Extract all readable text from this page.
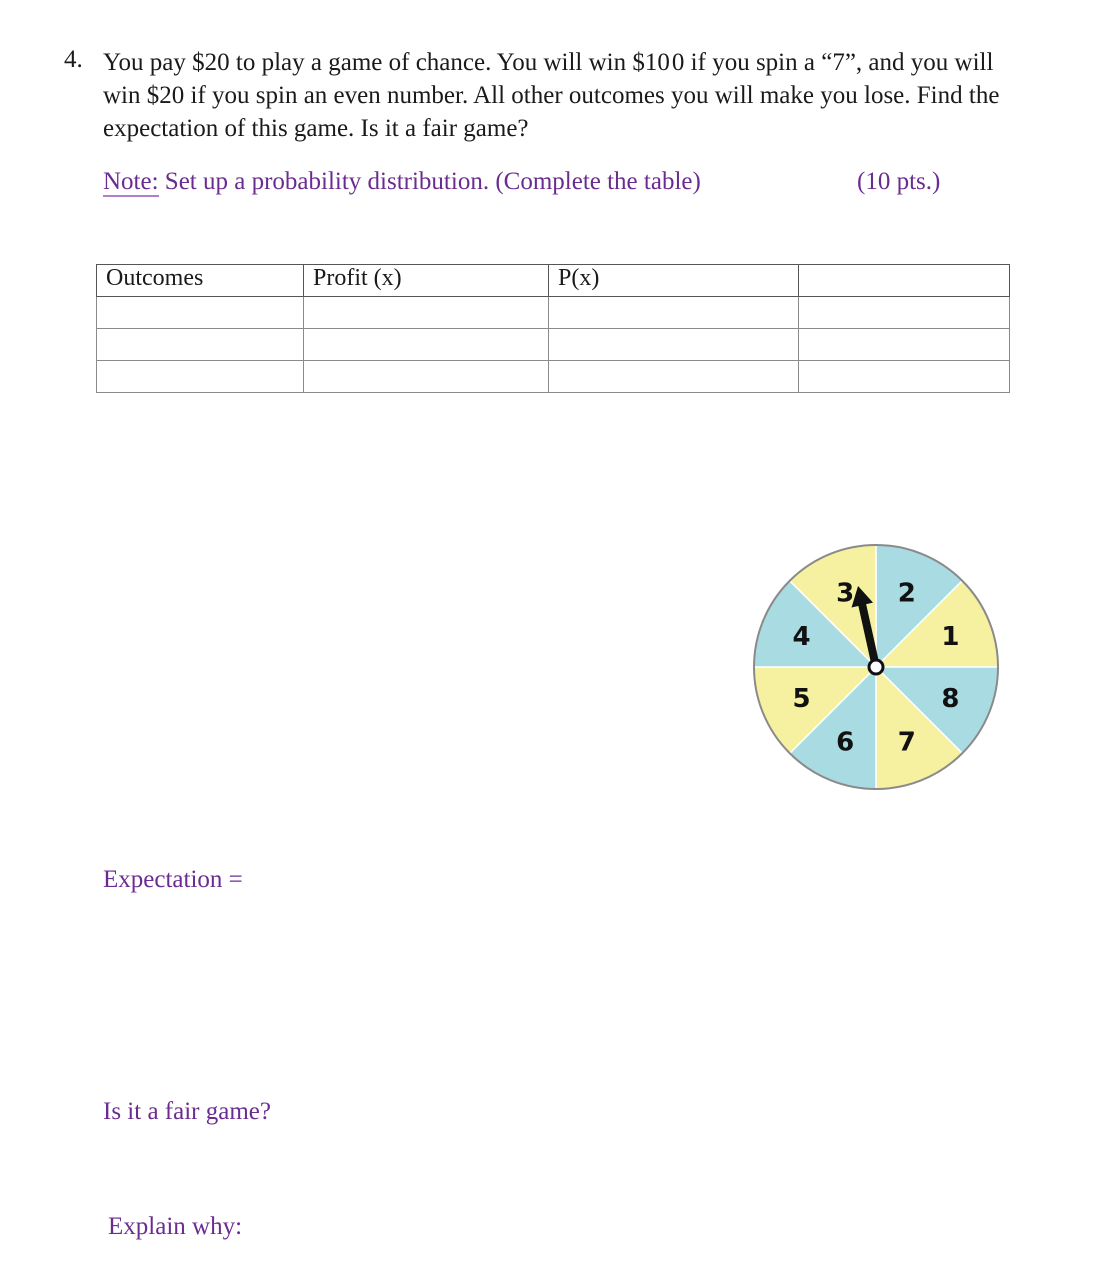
4. You pay $20 to play a game of chance. You will win $10 0 if you spin a “7”, and you will
win $20 if you spin an even number. All other outcomes you will make you lose. Find the
expectation of this game. Is it a fair game?
Note: Set up a probability distribution. (Complete the table)	(10 pts.)
Outcomes	Profit (x)	P(x)	

2
1
8
7
6
5
4
3
Expectation =
Is it a fair game?
Explain why:
